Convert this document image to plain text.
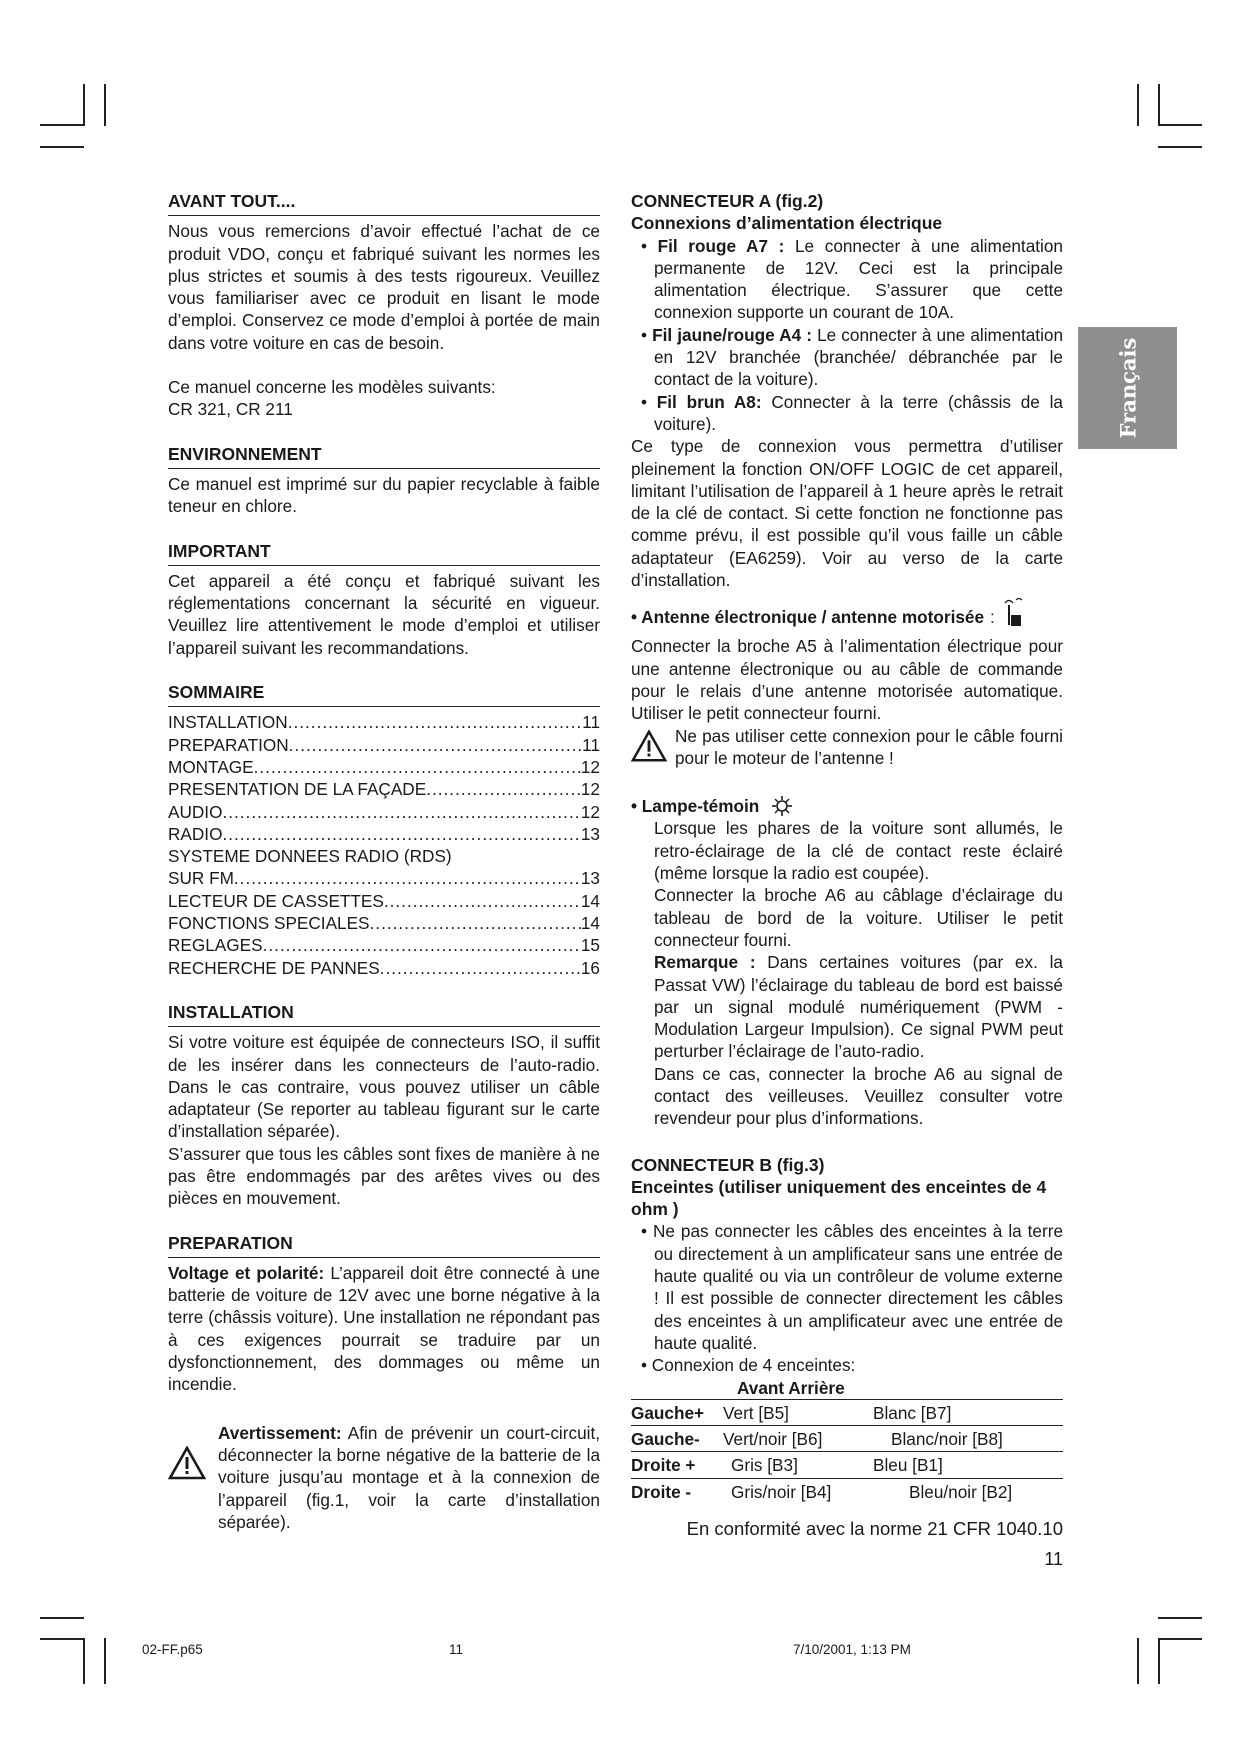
Français
AVANT TOUT....

Nous vous remercions d’avoir effectué l’achat de ce produit VDO, conçu et fabriqué suivant les normes les plus strictes et soumis à des tests rigoureux. Veuillez vous familiariser avec ce produit en lisant le mode d’emploi. Conservez ce mode d’emploi à portée de main dans votre voiture en cas de besoin.

Ce manuel concerne les modèles suivants:

CR 321, CR 211

ENVIRONNEMENT

Ce manuel est imprimé sur du papier recyclable à faible teneur en chlore.

IMPORTANT

Cet appareil a été conçu et fabriqué suivant les réglementations concernant la sécurité en vigueur. Veuillez lire attentivement le mode d’emploi et utiliser l’appareil suivant les recommandations.

SOMMAIRE
INSTALLATION .....	11
PREPARATION .....	11
MONTAGE .....	12
PRESENTATION DE LA FAÇADE .....	12
AUDIO .....	12
RADIO .....	13
SYSTEME DONNEES RADIO (RDS)
SUR FM .....	13
LECTEUR DE CASSETTES .....	14
FONCTIONS SPECIALES .....	14
REGLAGES .....	15
RECHERCHE DE PANNES .....	16
INSTALLATION

Si votre voiture est équipée de connecteurs ISO, il suffit de les insérer dans les connecteurs de l’auto-radio. Dans le cas contraire, vous pouvez utiliser un câble adaptateur (Se reporter au tableau figurant sur le carte d’installation séparée).

S’assurer que tous les câbles sont fixes de manière à ne pas être endommagés par des arêtes vives ou des pièces en mouvement.

PREPARATION

Voltage et polarité: L’appareil doit être connecté à une batterie de voiture de 12V avec une borne négative à la terre (châssis voiture). Une installation ne répondant pas à ces exigences pourrait se traduire par un dysfonctionnement, des dommages ou même un incendie.

Avertissement: Afin de prévenir un court-circuit, déconnecter la borne négative de la batterie de la voiture jusqu’au montage et à la connexion de l’appareil (fig.1, voir la carte d’installation séparée).

CONNECTEUR A (fig.2)
Connexions d’alimentation électrique
• Fil rouge A7 : Le connecter à une alimentation permanente de 12V. Ceci est la principale alimentation électrique. S’assurer que cette connexion supporte un courant de 10A.
• Fil jaune/rouge A4 : Le connecter à une alimentation en 12V branchée (branchée/ débranchée par le contact de la voiture).
• Fil brun A8: Connecter à la terre (châssis de la voiture).

Ce type de connexion vous permettra d’utiliser pleinement la fonction ON/OFF LOGIC de cet appareil, limitant l’utilisation de l’appareil à 1 heure après le retrait de la clé de contact. Si cette fonction ne fonctionne pas comme prévu, il est possible qu’il vous faille un câble adaptateur (EA6259). Voir au verso de la carte d’installation.

• Antenne électronique / antenne motorisée :

Connecter la broche A5 à l’alimentation électrique pour une antenne électronique ou au câble de commande pour le relais d’une antenne motorisée automatique. Utiliser le petit connecteur fourni.

Ne pas utiliser cette connexion pour le câble fourni pour le moteur de l’antenne !

• Lampe-témoin

Lorsque les phares de la voiture sont allumés, le retro-éclairage de la clé de contact reste éclairé (même lorsque la radio est coupée).

Connecter la broche A6 au câblage d’éclairage du tableau de bord de la voiture. Utiliser le petit connecteur fourni.

Remarque : Dans certaines voitures (par ex. la Passat VW) l’éclairage du tableau de bord est baissé par un signal modulé numériquement (PWM - Modulation Largeur Impulsion). Ce signal PWM peut perturber l’éclairage de l’auto-radio.

Dans ce cas, connecter la broche A6 au signal de contact des veilleuses. Veuillez consulter votre revendeur pour plus d’informations.

CONNECTEUR B (fig.3)
Enceintes (utiliser uniquement des enceintes de 4 ohm )
• Ne pas connecter les câbles des enceintes à la terre ou directement à un amplificateur sans une entrée de haute qualité ou via un contrôleur de volume externe ! Il est possible de connecter directement les câbles des enceintes à un amplificateur avec une entrée de haute qualité.
• Connexion de 4 enceintes:
Avant Arrière
Gauche+	Vert [B5]	Blanc [B7]
Gauche-	Vert/noir [B6]	Blanc/noir [B8]
Droite +	Gris [B3]	Bleu [B1]
Droite -	Gris/noir [B4]	Bleu/noir [B2]
En conformité avec la norme 21 CFR 1040.10
11
02-FF.p65	11	7/10/2001, 1:13 PM
